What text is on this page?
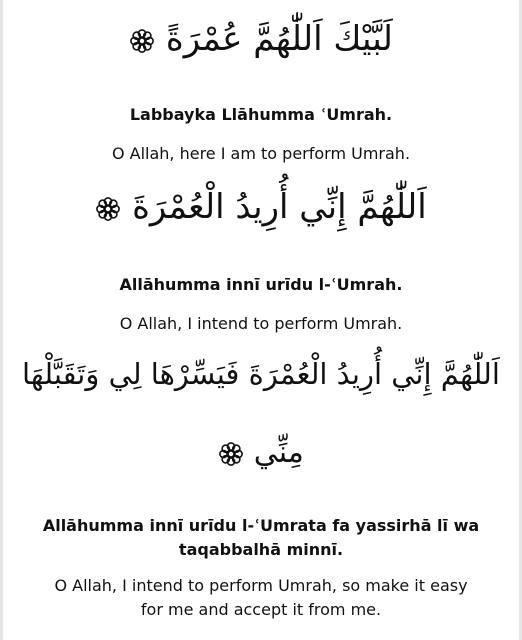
لَبَّيْكَ اَللّٰهُمَّ عُمْرَةً
Labbayka Llāhumma ʿUmrah.
O Allah, here I am to perform Umrah.
اَللّٰهُمَّ إِنِّي أُرِيدُ الْعُمْرَةَ
Allāhumma innī urīdu l-ʿUmrah.
O Allah, I intend to perform Umrah.
اَللّٰهُمَّ إِنِّي أُرِيدُ الْعُمْرَةَ فَيَسِّرْهَا لِي وَتَقَبَّلْهَا
مِنِّي
Allāhumma innī urīdu l-ʿUmrata fa yassirhā lī wa
taqabbalhā minnī.
O Allah, I intend to perform Umrah, so make it easy
for me and accept it from me.
